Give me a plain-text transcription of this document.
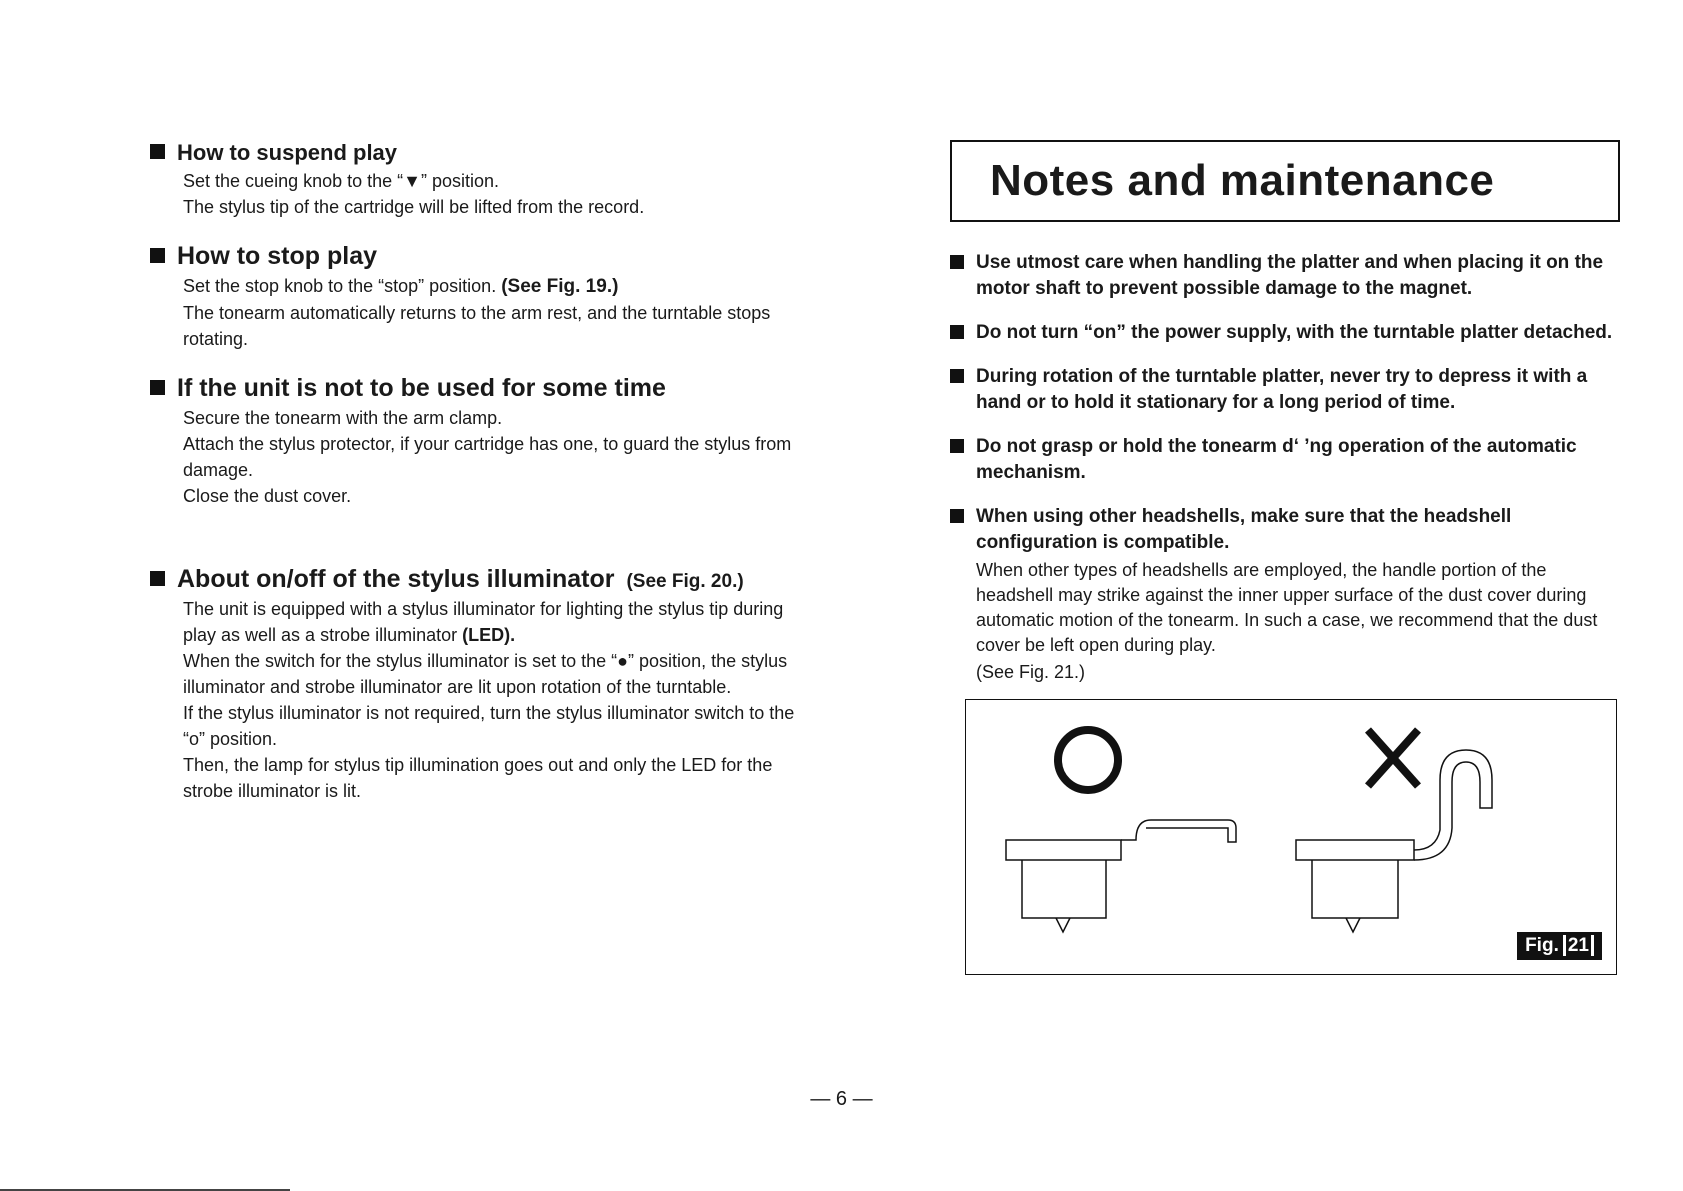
How to suspend play

Set the cueing knob to the “▼” position.

The stylus tip of the cartridge will be lifted from the record.

How to stop play

Set the stop knob to the “stop” position. (See Fig. 19.)

The tonearm automatically returns to the arm rest, and the turntable stops rotating.

If the unit is not to be used for some time

Secure the tonearm with the arm clamp.

Attach the stylus protector, if your cartridge has one, to guard the stylus from damage.

Close the dust cover.

About on/off of the stylus illuminator (See Fig. 20.)

The unit is equipped with a stylus illuminator for lighting the stylus tip during play as well as a strobe illuminator (LED).

When the switch for the stylus illuminator is set to the “●” position, the stylus illuminator and strobe illuminator are lit upon rotation of the turntable.

If the stylus illuminator is not required, turn the stylus illuminator switch to the “o” position.

Then, the lamp for stylus tip illumination goes out and only the LED for the strobe illuminator is lit.

Notes and maintenance
Use utmost care when handling the platter and when placing it on the motor shaft to prevent possible damage to the magnet.
Do not turn “on” the power supply, with the turntable platter detached.
During rotation of the turntable platter, never try to depress it with a hand or to hold it stationary for a long period of time.
Do not grasp or hold the tonearm d‘ ’ng operation of the automatic mechanism.
When using other headshells, make sure that the headshell configuration is compatible.
When other types of headshells are employed, the handle portion of the headshell may strike against the inner upper surface of the dust cover during automatic motion of the tonearm. In such a case, we recommend that the dust cover be left open during play.
(See Fig. 21.)
Fig. 21
— 6 —
